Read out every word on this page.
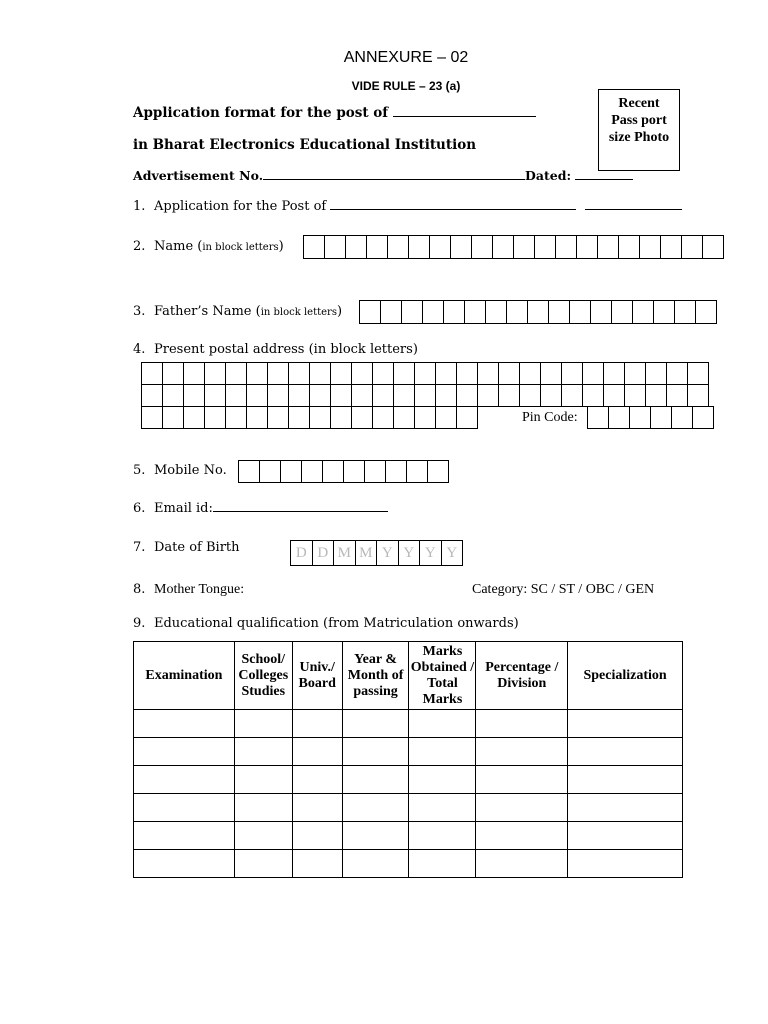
ANNEXURE – 02
VIDE RULE – 23 (a)
Recent
Pass port
size Photo
Application format for the post of
in Bharat Electronics Educational Institution
Advertisement No.	Dated:
1. Application for the Post of
2. Name (in block letters)
3. Father’s Name (in block letters)
4. Present postal address (in block letters)
Pin Code:
5. Mobile No.
6. Email id:
7. Date of Birth	D D M M Y Y Y Y
8. Mother Tongue:	Category: SC / ST / OBC / GEN
9. Educational qualification (from Matriculation onwards)
Examination	School/ Colleges Studies	Univ./ Board	Year & Month of passing	Marks Obtained / Total Marks	Percentage / Division	Specialization
